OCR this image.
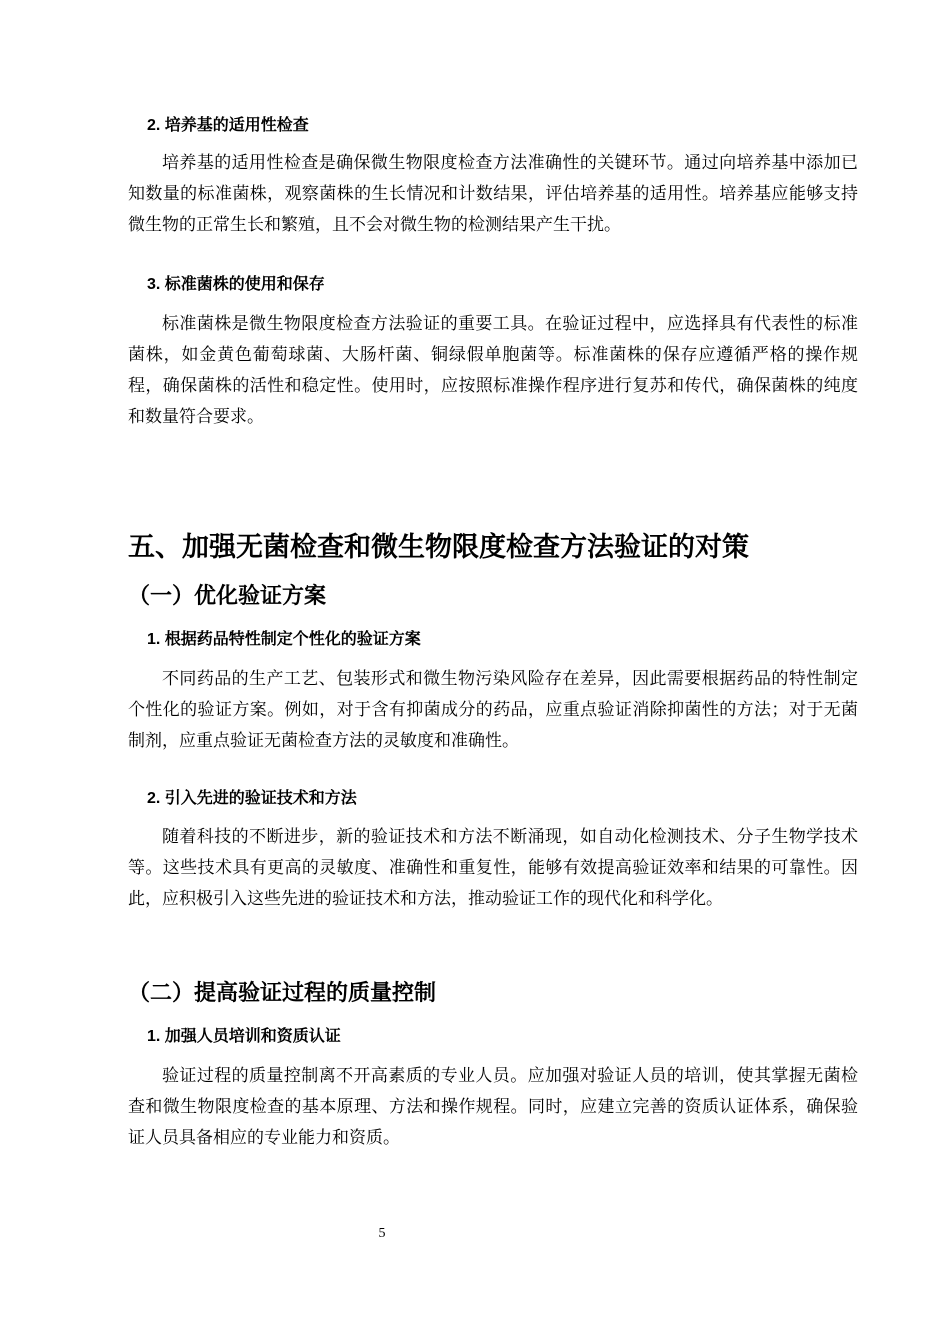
2. 培养基的适用性检查

培养基的适用性检查是确保微生物限度检查方法准确性的关键环节。通过向培养基中添加已知数量的标准菌株，观察菌株的生长情况和计数结果，评估培养基的适用性。培养基应能够支持微生物的正常生长和繁殖，且不会对微生物的检测结果产生干扰。

3. 标准菌株的使用和保存

标准菌株是微生物限度检查方法验证的重要工具。在验证过程中，应选择具有代表性的标准菌株，如金黄色葡萄球菌、大肠杆菌、铜绿假单胞菌等。标准菌株的保存应遵循严格的操作规程，确保菌株的活性和稳定性。使用时，应按照标准操作程序进行复苏和传代，确保菌株的纯度和数量符合要求。

五、加强无菌检查和微生物限度检查方法验证的对策
（一）优化验证方案
1. 根据药品特性制定个性化的验证方案

不同药品的生产工艺、包装形式和微生物污染风险存在差异，因此需要根据药品的特性制定个性化的验证方案。例如，对于含有抑菌成分的药品，应重点验证消除抑菌性的方法；对于无菌制剂，应重点验证无菌检查方法的灵敏度和准确性。

2. 引入先进的验证技术和方法

随着科技的不断进步，新的验证技术和方法不断涌现，如自动化检测技术、分子生物学技术等。这些技术具有更高的灵敏度、准确性和重复性，能够有效提高验证效率和结果的可靠性。因此，应积极引入这些先进的验证技术和方法，推动验证工作的现代化和科学化。

（二）提高验证过程的质量控制
1. 加强人员培训和资质认证

验证过程的质量控制离不开高素质的专业人员。应加强对验证人员的培训，使其掌握无菌检查和微生物限度检查的基本原理、方法和操作规程。同时，应建立完善的资质认证体系，确保验证人员具备相应的专业能力和资质。

5
